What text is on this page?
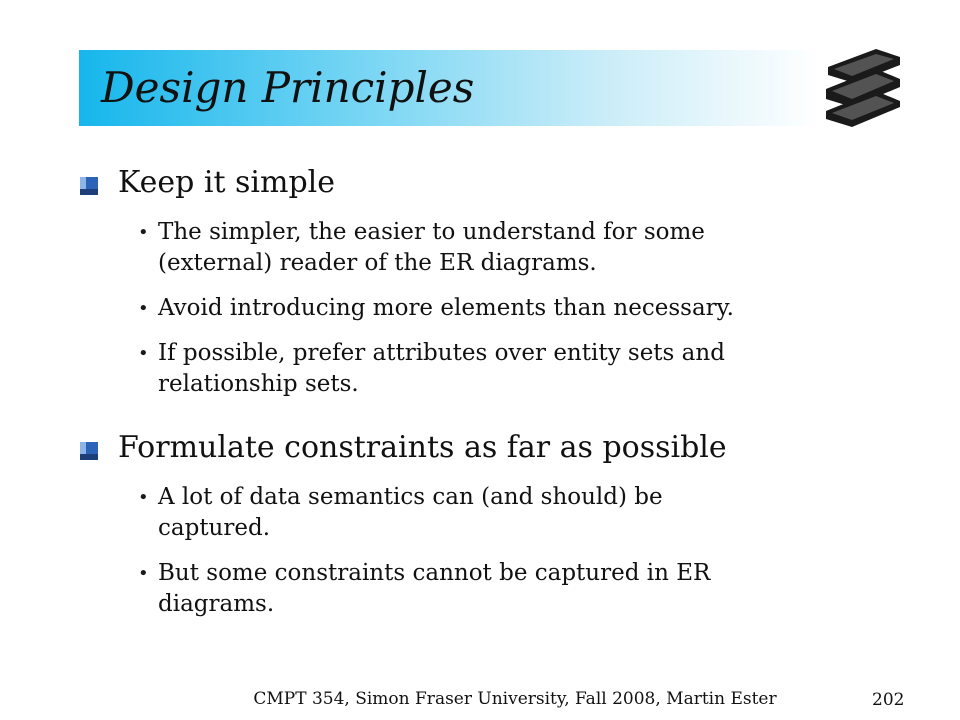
Design Principles
Keep it simple
• The simpler, the easier to understand for some
(external) reader of the ER diagrams.
• Avoid introducing more elements than necessary.
• If possible, prefer attributes over entity sets and
relationship sets.
Formulate constraints as far as possible
• A lot of data semantics can (and should) be
captured.
• But some constraints cannot be captured in ER
diagrams.
CMPT 354, Simon Fraser University, Fall 2008, Martin Ester	202
